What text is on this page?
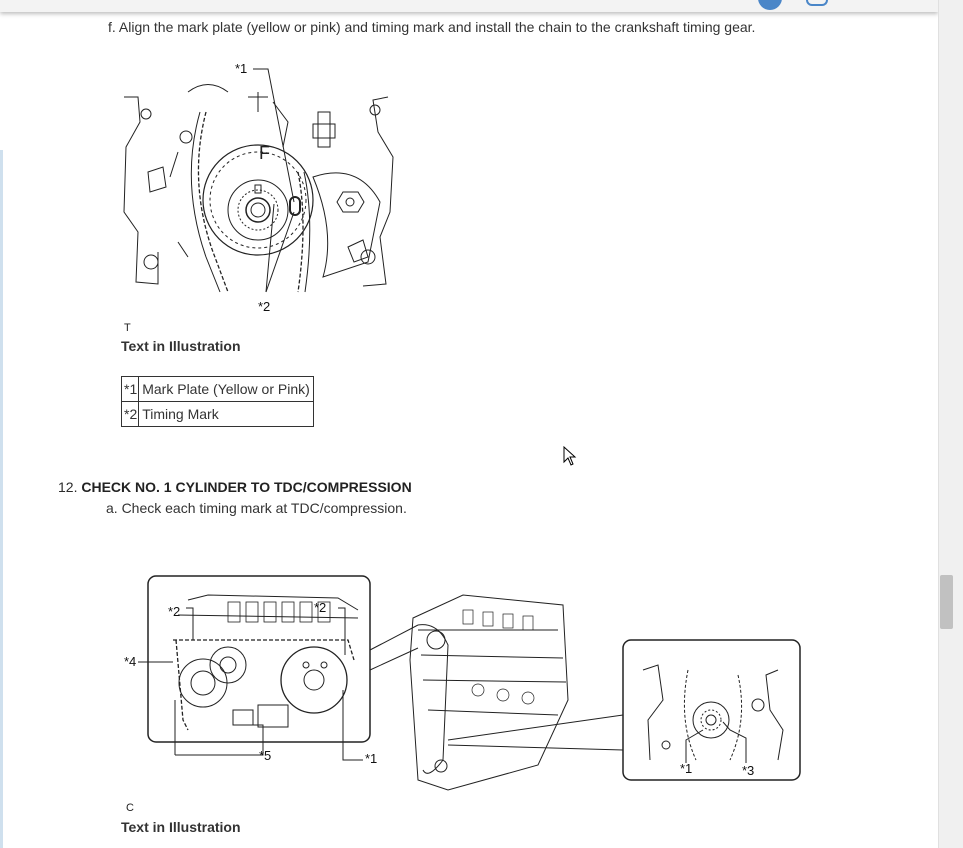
f. Align the mark plate (yellow or pink) and timing mark and install the chain to the crankshaft timing gear.
F
*1
*2
T
Text in Illustration
*1	Mark Plate (Yellow or Pink)
*2	Timing Mark
12. CHECK NO. 1 CYLINDER TO TDC/COMPRESSION
a. Check each timing mark at TDC/compression.
*2	*2
*4
*5	*1
*1	*3
C
Text in Illustration
